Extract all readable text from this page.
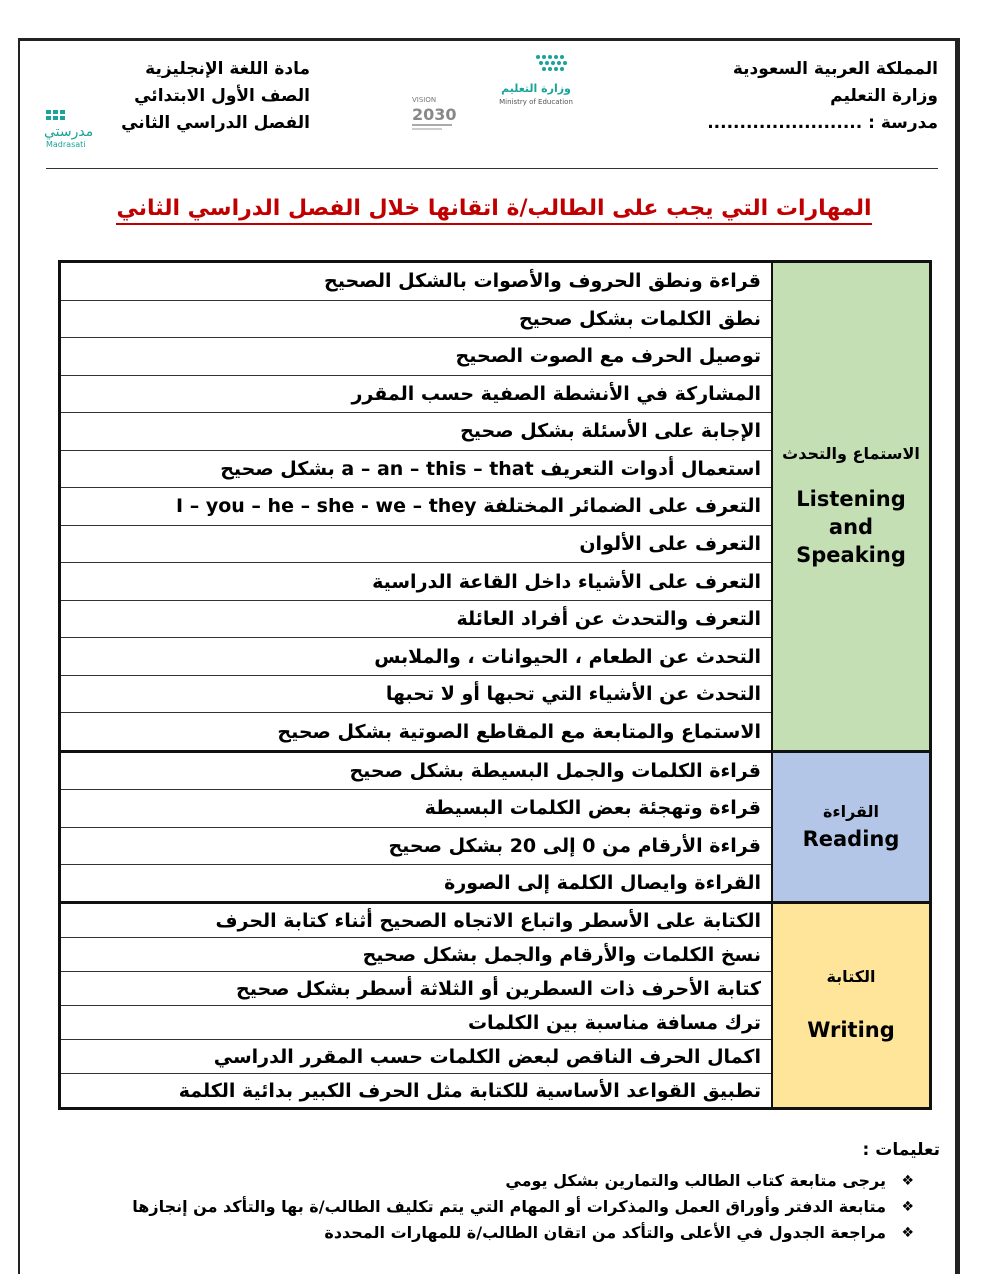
المملكة العربية السعودية
وزارة التعليم
مدرسة : ........................
مادة اللغة الإنجليزية
الصف الأول الابتدائي
الفصل الدراسي الثاني
وزارة التعليم
Ministry of Education
VISION
2030
مدرستي
Madrasati
المهارات التي يجب على الطالب/ة اتقانها خلال الفصل الدراسي الثاني
الاستماع والتحدث
Listening
and
Speaking
قراءة ونطق الحروف والأصوات بالشكل الصحيح
نطق الكلمات بشكل صحيح
توصيل الحرف مع الصوت الصحيح
المشاركة في الأنشطة الصفية حسب المقرر
الإجابة على الأسئلة بشكل صحيح
استعمال أدوات التعريف a – an – this – that بشكل صحيح
التعرف على الضمائر المختلفة I – you – he – she - we – they
التعرف على الألوان
التعرف على الأشياء داخل القاعة الدراسية
التعرف والتحدث عن أفراد العائلة
التحدث عن الطعام ، الحيوانات ، والملابس
التحدث عن الأشياء التي تحبها أو لا تحبها
الاستماع والمتابعة مع المقاطع الصوتية بشكل صحيح
القراءة
Reading
قراءة الكلمات والجمل البسيطة بشكل صحيح
قراءة وتهجئة بعض الكلمات البسيطة
قراءة الأرقام من 0 إلى 20 بشكل صحيح
القراءة وايصال الكلمة إلى الصورة
الكتابة
Writing
الكتابة على الأسطر واتباع الاتجاه الصحيح أثناء كتابة الحرف
نسخ الكلمات والأرقام والجمل بشكل صحيح
كتابة الأحرف ذات السطرين أو الثلاثة أسطر بشكل صحيح
ترك مسافة مناسبة بين الكلمات
اكمال الحرف الناقص لبعض الكلمات حسب المقرر الدراسي
تطبيق القواعد الأساسية للكتابة مثل الحرف الكبير بدائية الكلمة
تعليمات :
❖
يرجى متابعة كتاب الطالب والتمارين بشكل يومي
❖
متابعة الدفتر وأوراق العمل والمذكرات أو المهام التي يتم تكليف الطالب/ة بها والتأكد من إنجازها
❖
مراجعة الجدول في الأعلى والتأكد من اتقان الطالب/ة للمهارات المحددة
